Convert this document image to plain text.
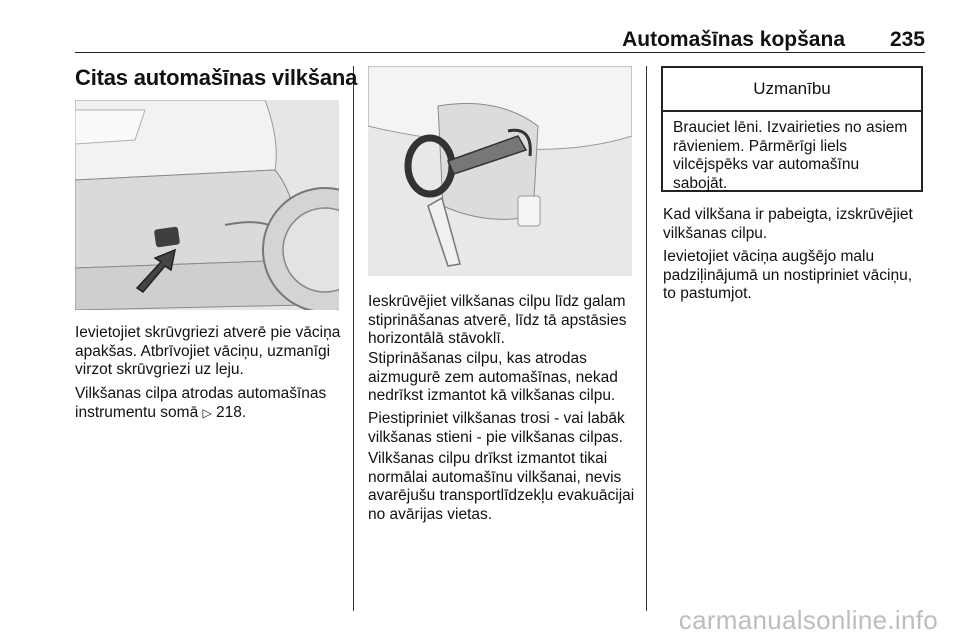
Automašīnas kopšana 235
Citas automašīnas vilkšana

Ievietojiet skrūvgriezi atverē pie vāciņa apakšas. Atbrīvojiet vāciņu, uzmanīgi virzot skrūvgriezi uz leju.

Vilkšanas cilpa atrodas automašīnas instrumentu somā ▷ 218.

Ieskrūvējiet vilkšanas cilpu līdz galam stiprināšanas atverē, līdz tā apstāsies horizontālā stāvoklī.

Stiprināšanas cilpu, kas atrodas aizmugurē zem automašīnas, nekad nedrīkst izmantot kā vilkšanas cilpu.

Piestipriniet vilkšanas trosi - vai labāk vilkšanas stieni - pie vilkšanas cilpas.

Vilkšanas cilpu drīkst izmantot tikai normālai automašīnu vilkšanai, nevis avarējušu transportlīdzekļu evakuācijai no avārijas vietas.

Uzmanību
Brauciet lēni. Izvairieties no asiem rāvieniem. Pārmērīgi liels vilcējspēks var automašīnu sabojāt.

Kad vilkšana ir pabeigta, izskrūvējiet vilkšanas cilpu.

Ievietojiet vāciņa augšējo malu padziļinājumā un nostipriniet vāciņu, to pastumjot.

carmanualsonline.info
